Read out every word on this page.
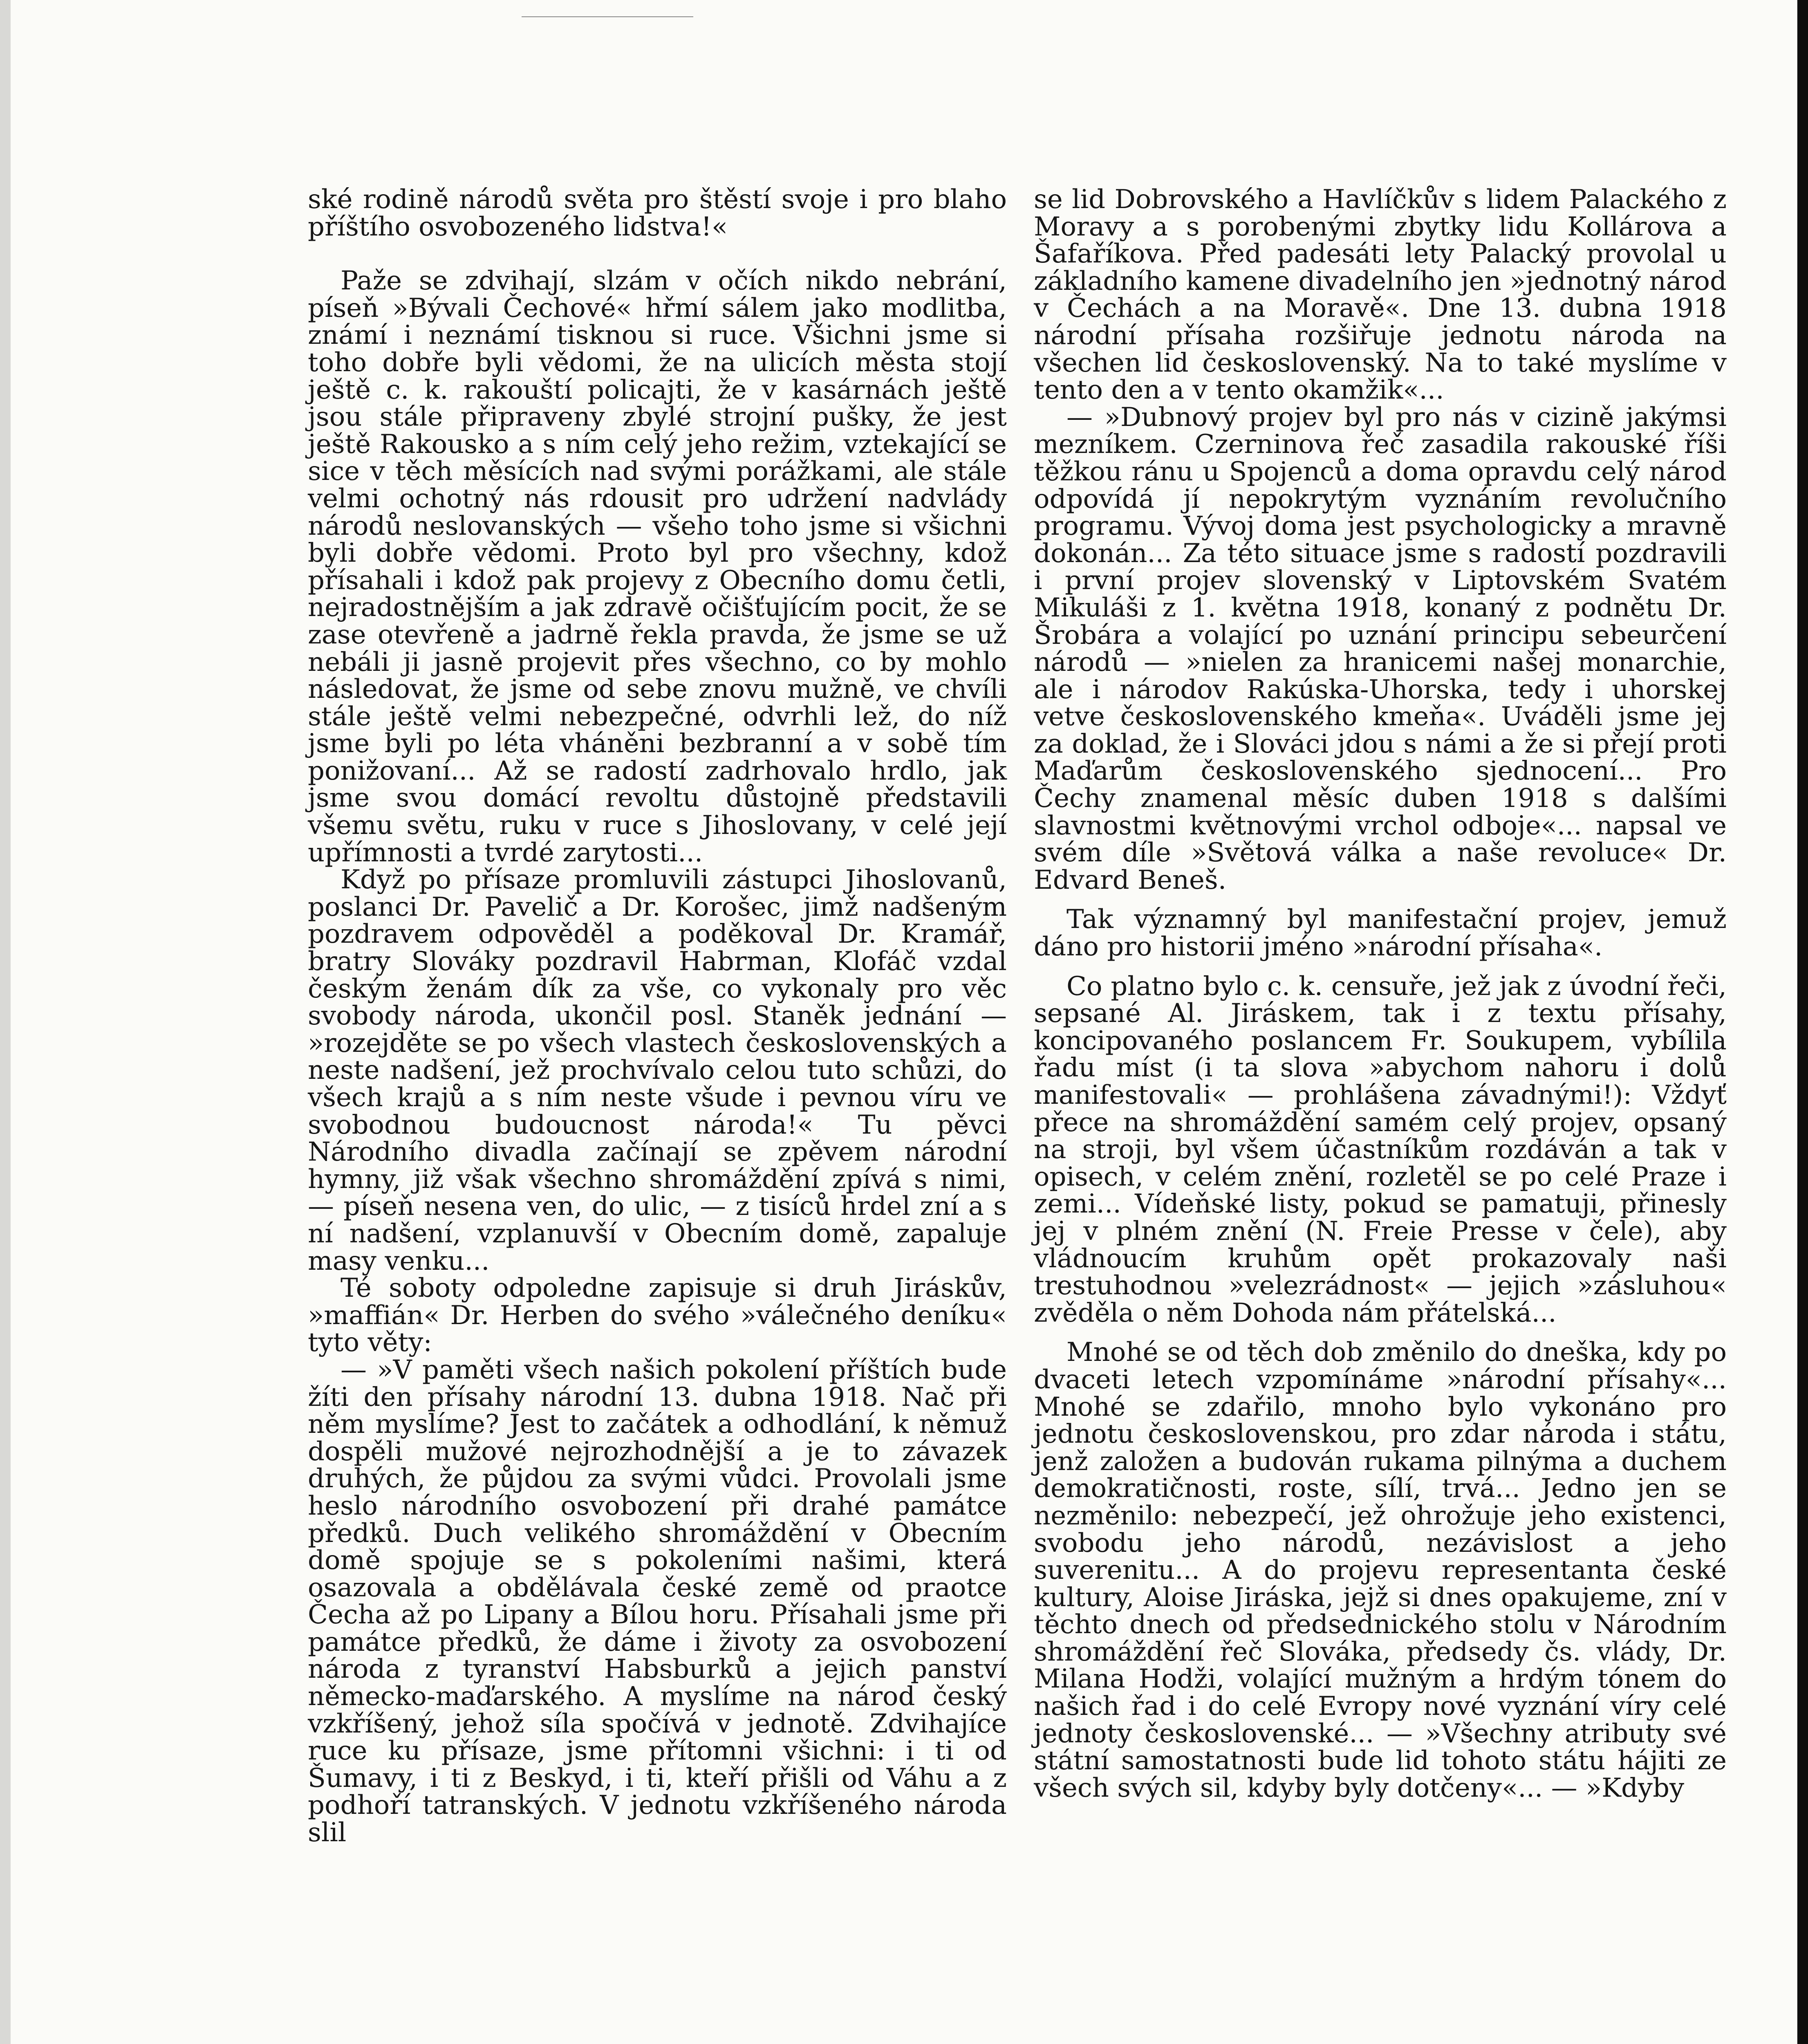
ské rodině národů světa pro štěstí svoje i pro blaho příštího osvobozeného lidstva!«

Paže se zdvihají, slzám v očích nikdo nebrání, píseň »Bývali Čechové« hřmí sálem jako modlitba, známí i neznámí tisknou si ruce. Všichni jsme si toho dobře byli vědomi, že na ulicích města stojí ještě c. k. rakouští policajti, že v kasárnách ještě jsou stále připraveny zbylé strojní pušky, že jest ještě Rakousko a s ním celý jeho režim, vztekající se sice v těch měsících nad svými porážkami, ale stále velmi ochotný nás rdousit pro udržení nadvlády národů neslovanských — všeho toho jsme si všichni byli dobře vědomi. Proto byl pro všechny, kdož přísahali i kdož pak projevy z Obecního domu četli, nejradostnějším a jak zdravě očišťujícím pocit, že se zase otevřeně a jadrně řekla pravda, že jsme se už nebáli ji jasně projevit přes všechno, co by mohlo následovat, že jsme od sebe znovu mužně, ve chvíli stále ještě velmi nebezpečné, odvrhli lež, do níž jsme byli po léta vháněni bezbranní a v sobě tím ponižovaní... Až se radostí zadrhovalo hrdlo, jak jsme svou domácí revoltu důstojně představili všemu světu, ruku v ruce s Jihoslovany, v celé její upřímnosti a tvrdé zarytosti...

Když po přísaze promluvili zástupci Jihoslovanů, poslanci Dr. Pavelič a Dr. Korošec, jimž nadšeným pozdravem odpověděl a poděkoval Dr. Kramář, bratry Slováky pozdravil Habrman, Klofáč vzdal českým ženám dík za vše, co vykonaly pro věc svobody národa, ukončil posl. Staněk jednání — »rozejděte se po všech vlastech československých a neste nadšení, jež prochvívalo celou tuto schůzi, do všech krajů a s ním neste všude i pevnou víru ve svobodnou budoucnost národa!« Tu pěvci Národního divadla začínají se zpěvem národní hymny, již však všechno shromáždění zpívá s nimi, — píseň nesena ven, do ulic, — z tisíců hrdel zní a s ní nadšení, vzplanuvší v Obecním domě, zapaluje masy venku...

Té soboty odpoledne zapisuje si druh Jiráskův, »maffián« Dr. Herben do svého »válečného deníku« tyto věty:

— »V paměti všech našich pokolení příštích bude žíti den přísahy národní 13. dubna 1918. Nač při něm myslíme? Jest to začátek a odhodlání, k němuž dospěli mužové nejrozhodnější a je to závazek druhých, že půjdou za svými vůdci. Provolali jsme heslo národního osvobození při drahé památce předků. Duch velikého shromáždění v Obecním domě spojuje se s pokoleními našimi, která osazovala a obdělávala české země od praotce Čecha až po Lipany a Bílou horu. Přísahali jsme při památce předků, že dáme i životy za osvobození národa z tyranství Habsburků a jejich panství německo-maďarského. A myslíme na národ český vzkříšený, jehož síla spočívá v jednotě. Zdvihajíce ruce ku přísaze, jsme přítomni všichni: i ti od Šumavy, i ti z Beskyd, i ti, kteří přišli od Váhu a z podhoří tatranských. V jednotu vzkříšeného národa slil

se lid Dobrovského a Havlíčkův s lidem Palackého z Moravy a s porobenými zbytky lidu Kollárova a Šafaříkova. Před padesáti lety Palacký provolal u základního kamene divadelního jen »jednotný národ v Čechách a na Moravě«. Dne 13. dubna 1918 národní přísaha rozšiřuje jednotu národa na všechen lid československý. Na to také myslíme v tento den a v tento okamžik«...

— »Dubnový projev byl pro nás v cizině jakýmsi mezníkem. Czerninova řeč zasadila rakouské říši těžkou ránu u Spojenců a doma opravdu celý národ odpovídá jí nepokrytým vyznáním revolučního programu. Vývoj doma jest psychologicky a mravně dokonán... Za této situace jsme s radostí pozdravili i první projev slovenský v Liptovském Svatém Mikuláši z 1. května 1918, konaný z podnětu Dr. Šrobára a volající po uznání principu sebeurčení národů — »nielen za hranicemi našej monarchie, ale i národov Rakúska-Uhorska, tedy i uhorskej vetve československého kmeňa«. Uváděli jsme jej za doklad, že i Slováci jdou s námi a že si přejí proti Maďarům československého sjednocení... Pro Čechy znamenal měsíc duben 1918 s dalšími slavnostmi květnovými vrchol odboje«... napsal ve svém díle »Světová válka a naše revoluce« Dr. Edvard Beneš.

Tak významný byl manifestační projev, jemuž dáno pro historii jméno »národní přísaha«.

Co platno bylo c. k. censuře, jež jak z úvodní řeči, sepsané Al. Jiráskem, tak i z textu přísahy, koncipovaného poslancem Fr. Soukupem, vybílila řadu míst (i ta slova »abychom nahoru i dolů manifestovali« — prohlášena závadnými!): Vždyť přece na shromáždění samém celý projev, opsaný na stroji, byl všem účastníkům rozdáván a tak v opisech, v celém znění, rozletěl se po celé Praze i zemi... Vídeňské listy, pokud se pamatuji, přinesly jej v plném znění (N. Freie Presse v čele), aby vládnoucím kruhům opět prokazovaly naši trestuhodnou »velezrádnost« — jejich »zásluhou« zvěděla o něm Dohoda nám přátelská...

Mnohé se od těch dob změnilo do dneška, kdy po dvaceti letech vzpomínáme »národní přísahy«... Mnohé se zdařilo, mnoho bylo vykonáno pro jednotu československou, pro zdar národa i státu, jenž založen a budován rukama pilnýma a duchem demokratičnosti, roste, sílí, trvá... Jedno jen se nezměnilo: nebezpečí, jež ohrožuje jeho existenci, svobodu jeho národů, nezávislost a jeho suverenitu... A do projevu representanta české kultury, Aloise Jiráska, jejž si dnes opakujeme, zní v těchto dnech od předsednického stolu v Národním shromáždění řeč Slováka, předsedy čs. vlády, Dr. Milana Hodži, volající mužným a hrdým tónem do našich řad i do celé Evropy nové vyznání víry celé jednoty československé... — »Všechny atributy své státní samostatnosti bude lid tohoto státu hájiti ze všech svých sil, kdyby byly dotčeny«... — »Kdyby
